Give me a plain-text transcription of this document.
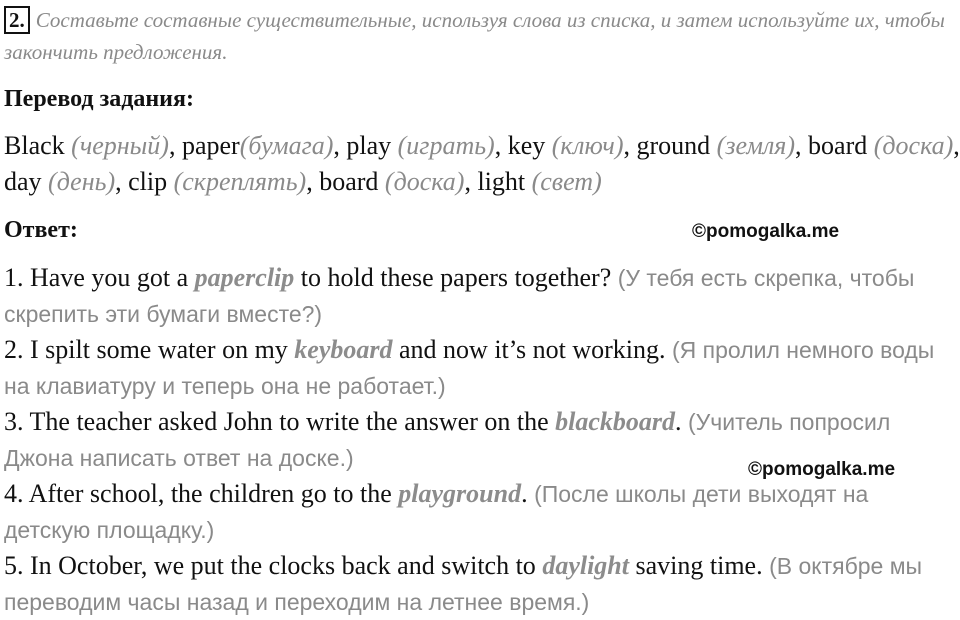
2. Составьте составные существительные, используя слова из списка, и затем используйте их, чтобы закончить предложения.
Перевод задания:
Black (черный), paper(бумага), play (играть), key (ключ), ground (земля), board (доска), day (день), clip (скреплять), board (доска), light (свет)
Ответ:	©pomogalka.me
©pomogalka.me

1. Have you got a paperclip to hold these papers together? (У тебя есть скрепка, чтобы скрепить эти бумаги вместе?)

2. I spilt some water on my keyboard and now it’s not working. (Я пролил немного воды на клавиатуру и теперь она не работает.)

3. The teacher asked John to write the answer on the blackboard. (Учитель попросил Джона написать ответ на доске.)

4. After school, the children go to the playground. (После школы дети выходят на детскую площадку.)

5. In October, we put the clocks back and switch to daylight saving time. (В октябре мы переводим часы назад и переходим на летнее время.)
